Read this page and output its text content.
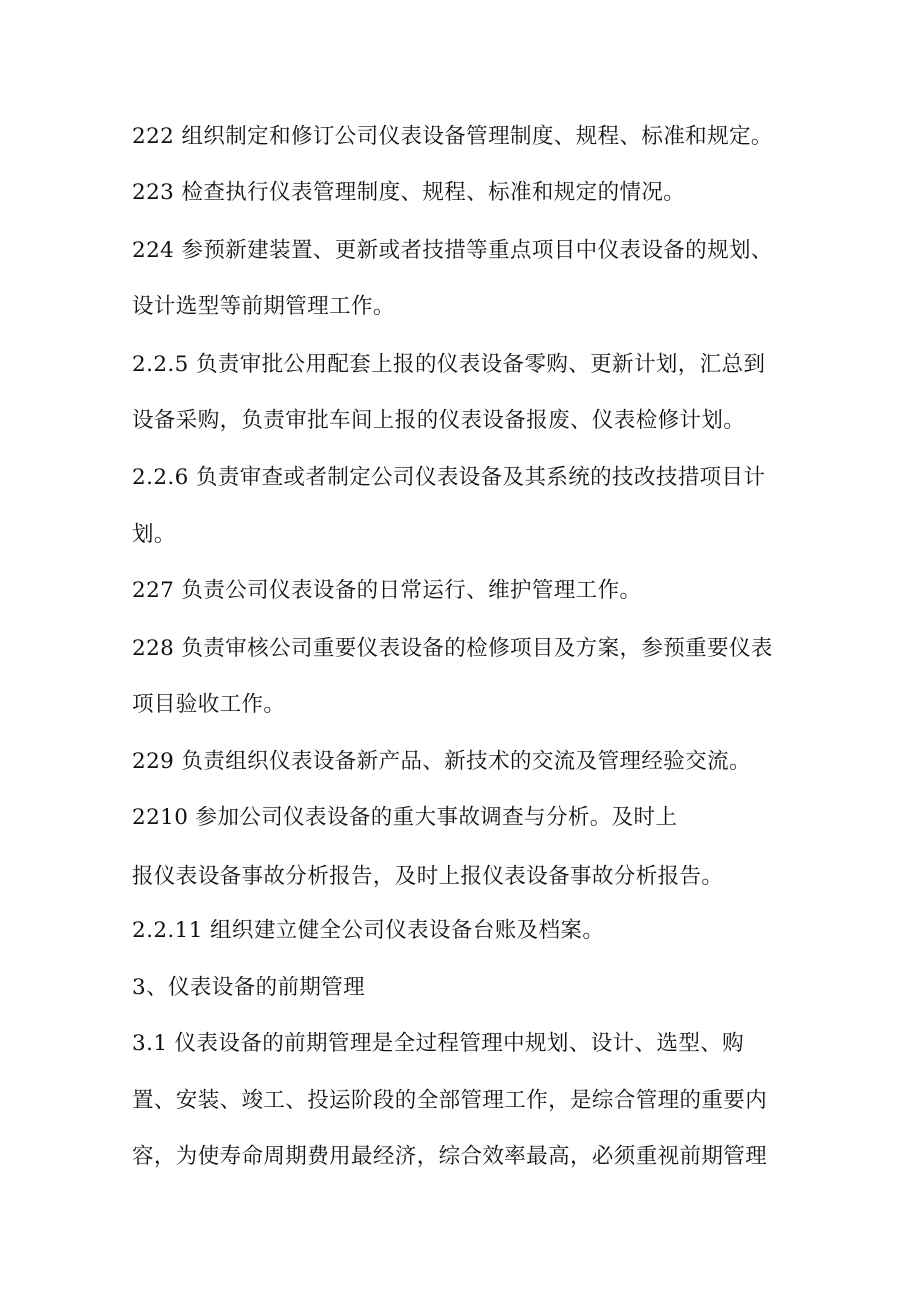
222 组织制定和修订公司仪表设备管理制度、规程、标准和规定。
223 检查执行仪表管理制度、规程、标准和规定的情况。
224 参预新建装置、更新或者技措等重点项目中仪表设备的规划、
设计选型等前期管理工作。
2.2.5 负责审批公用配套上报的仪表设备零购、更新计划，汇总到
设备采购，负责审批车间上报的仪表设备报废、仪表检修计划。
2.2.6 负责审查或者制定公司仪表设备及其系统的技改技措项目计
划。
227 负责公司仪表设备的日常运行、维护管理工作。
228 负责审核公司重要仪表设备的检修项目及方案，参预重要仪表
项目验收工作。
229 负责组织仪表设备新产品、新技术的交流及管理经验交流。
2210 参加公司仪表设备的重大事故调查与分析。及时上
报仪表设备事故分析报告，及时上报仪表设备事故分析报告。
2.2.11 组织建立健全公司仪表设备台账及档案。
3、仪表设备的前期管理
3.1 仪表设备的前期管理是全过程管理中规划、设计、选型、购
置、安装、竣工、投运阶段的全部管理工作，是综合管理的重要内
容，为使寿命周期费用最经济，综合效率最高，必须重视前期管理
